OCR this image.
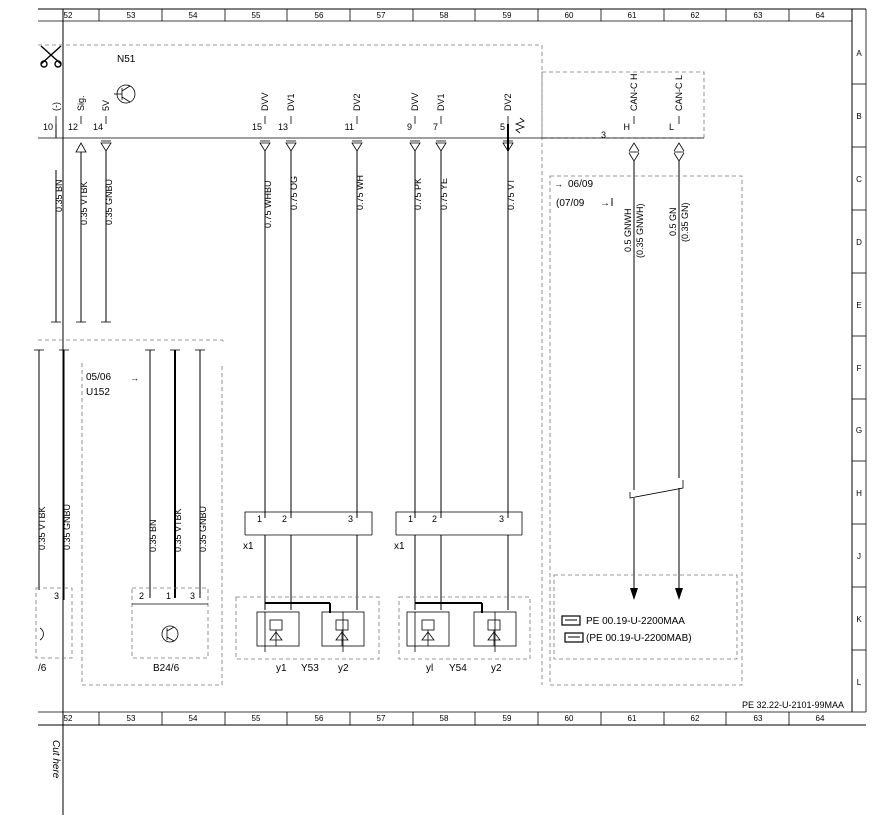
52	53	54	55	56	57	58	59	60	61	62	63	64
52	53	54	55	56	57	58	59	60	61	62	63	64
A
B
C
D
E
F
G
H
J
K
L
N51
(-) Sig. 5V	DVV DV1	DV2	DVV DV1	DV2	CAN-C H	CAN-C L
10 12 14	15 13	11	9 7	5
3
H	L
0.35 BN 0.35 VTBK 0.35 GNBU	0.75 WHBU 0.75 OG	0.75 WH	0.75 PK 0.75 YE	0.75 VT
0.5 GNWH (0.35 GNWH)	0.5 GN (0.35 GN)
→ 06/09
(07/09 →
PE 00.19-U-2200MAA
(PE 00.19-U-2200MAB)
05/06
U152
→
0.35 VTBK 0.35 GNBU	0.35 BN 0.35 VTBK 0.35 GNBU
3
/6
2 1 3
B24/6
1 2	3
x1
1 2	3
x1
y1 Y53 y2	yl Y54 y2
PE 32.22-U-2101-99MAA
Cut here
